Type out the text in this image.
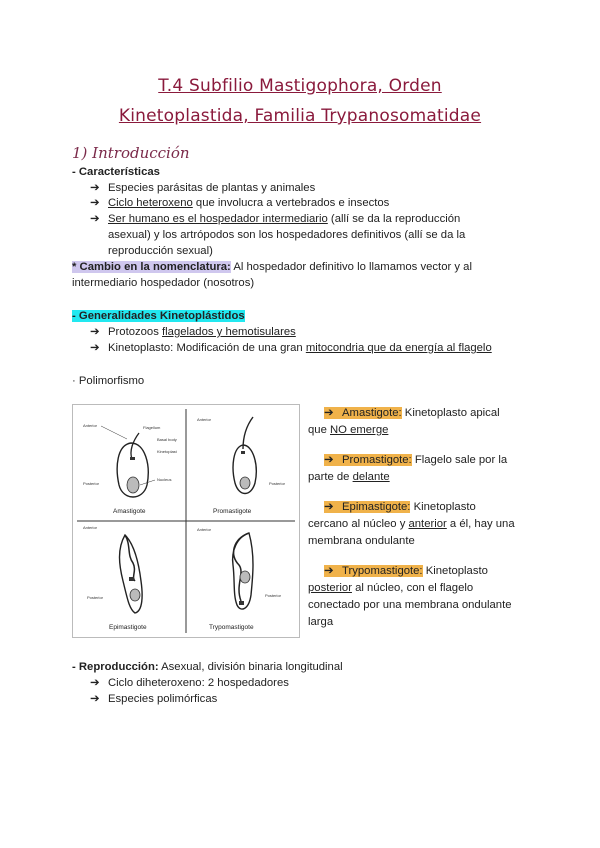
T.4 Subfilio Mastigophora, Orden
Kinetoplastida, Familia Trypanosomatidae
1) Introducción
- Características
➔ Especies parásitas de plantas y animales
➔ Ciclo heteroxeno que involucra a vertebrados e insectos
➔ Ser humano es el hospedador intermediario (allí se da la reproducción
asexual) y los artrópodos son los hospedadores definitivos (allí se da la
reproducción sexual)
* Cambio en la nomenclatura: Al hospedador definitivo lo llamamos vector y al
intermediario hospedador (nosotros)
- Generalidades Kinetoplástidos
➔ Protozoos flagelados y hemotisulares
➔ Kinetoplasto: Modificación de una gran mitocondria que da energía al flagelo
· Polimorfismo
Anterior	Flagellum
Basal body
Kinetoplast
Nucleus
Posterior
Amastigote
Anterior
Posterior
Promastigote
Anterior
Posterior
Epimastigote
Anterior
Posterior
Trypomastigote
➔ Amastigote: Kinetoplasto apical
que NO emerge
➔ Promastigote: Flagelo sale por la
parte de delante
➔ Epimastigote: Kinetoplasto
cercano al núcleo y anterior a él, hay una
membrana ondulante
➔ Trypomastigote: Kinetoplasto
posterior al núcleo, con el flagelo
conectado por una membrana ondulante
larga
- Reproducción: Asexual, división binaria longitudinal
➔ Ciclo diheteroxeno: 2 hospedadores
➔ Especies polimórficas
